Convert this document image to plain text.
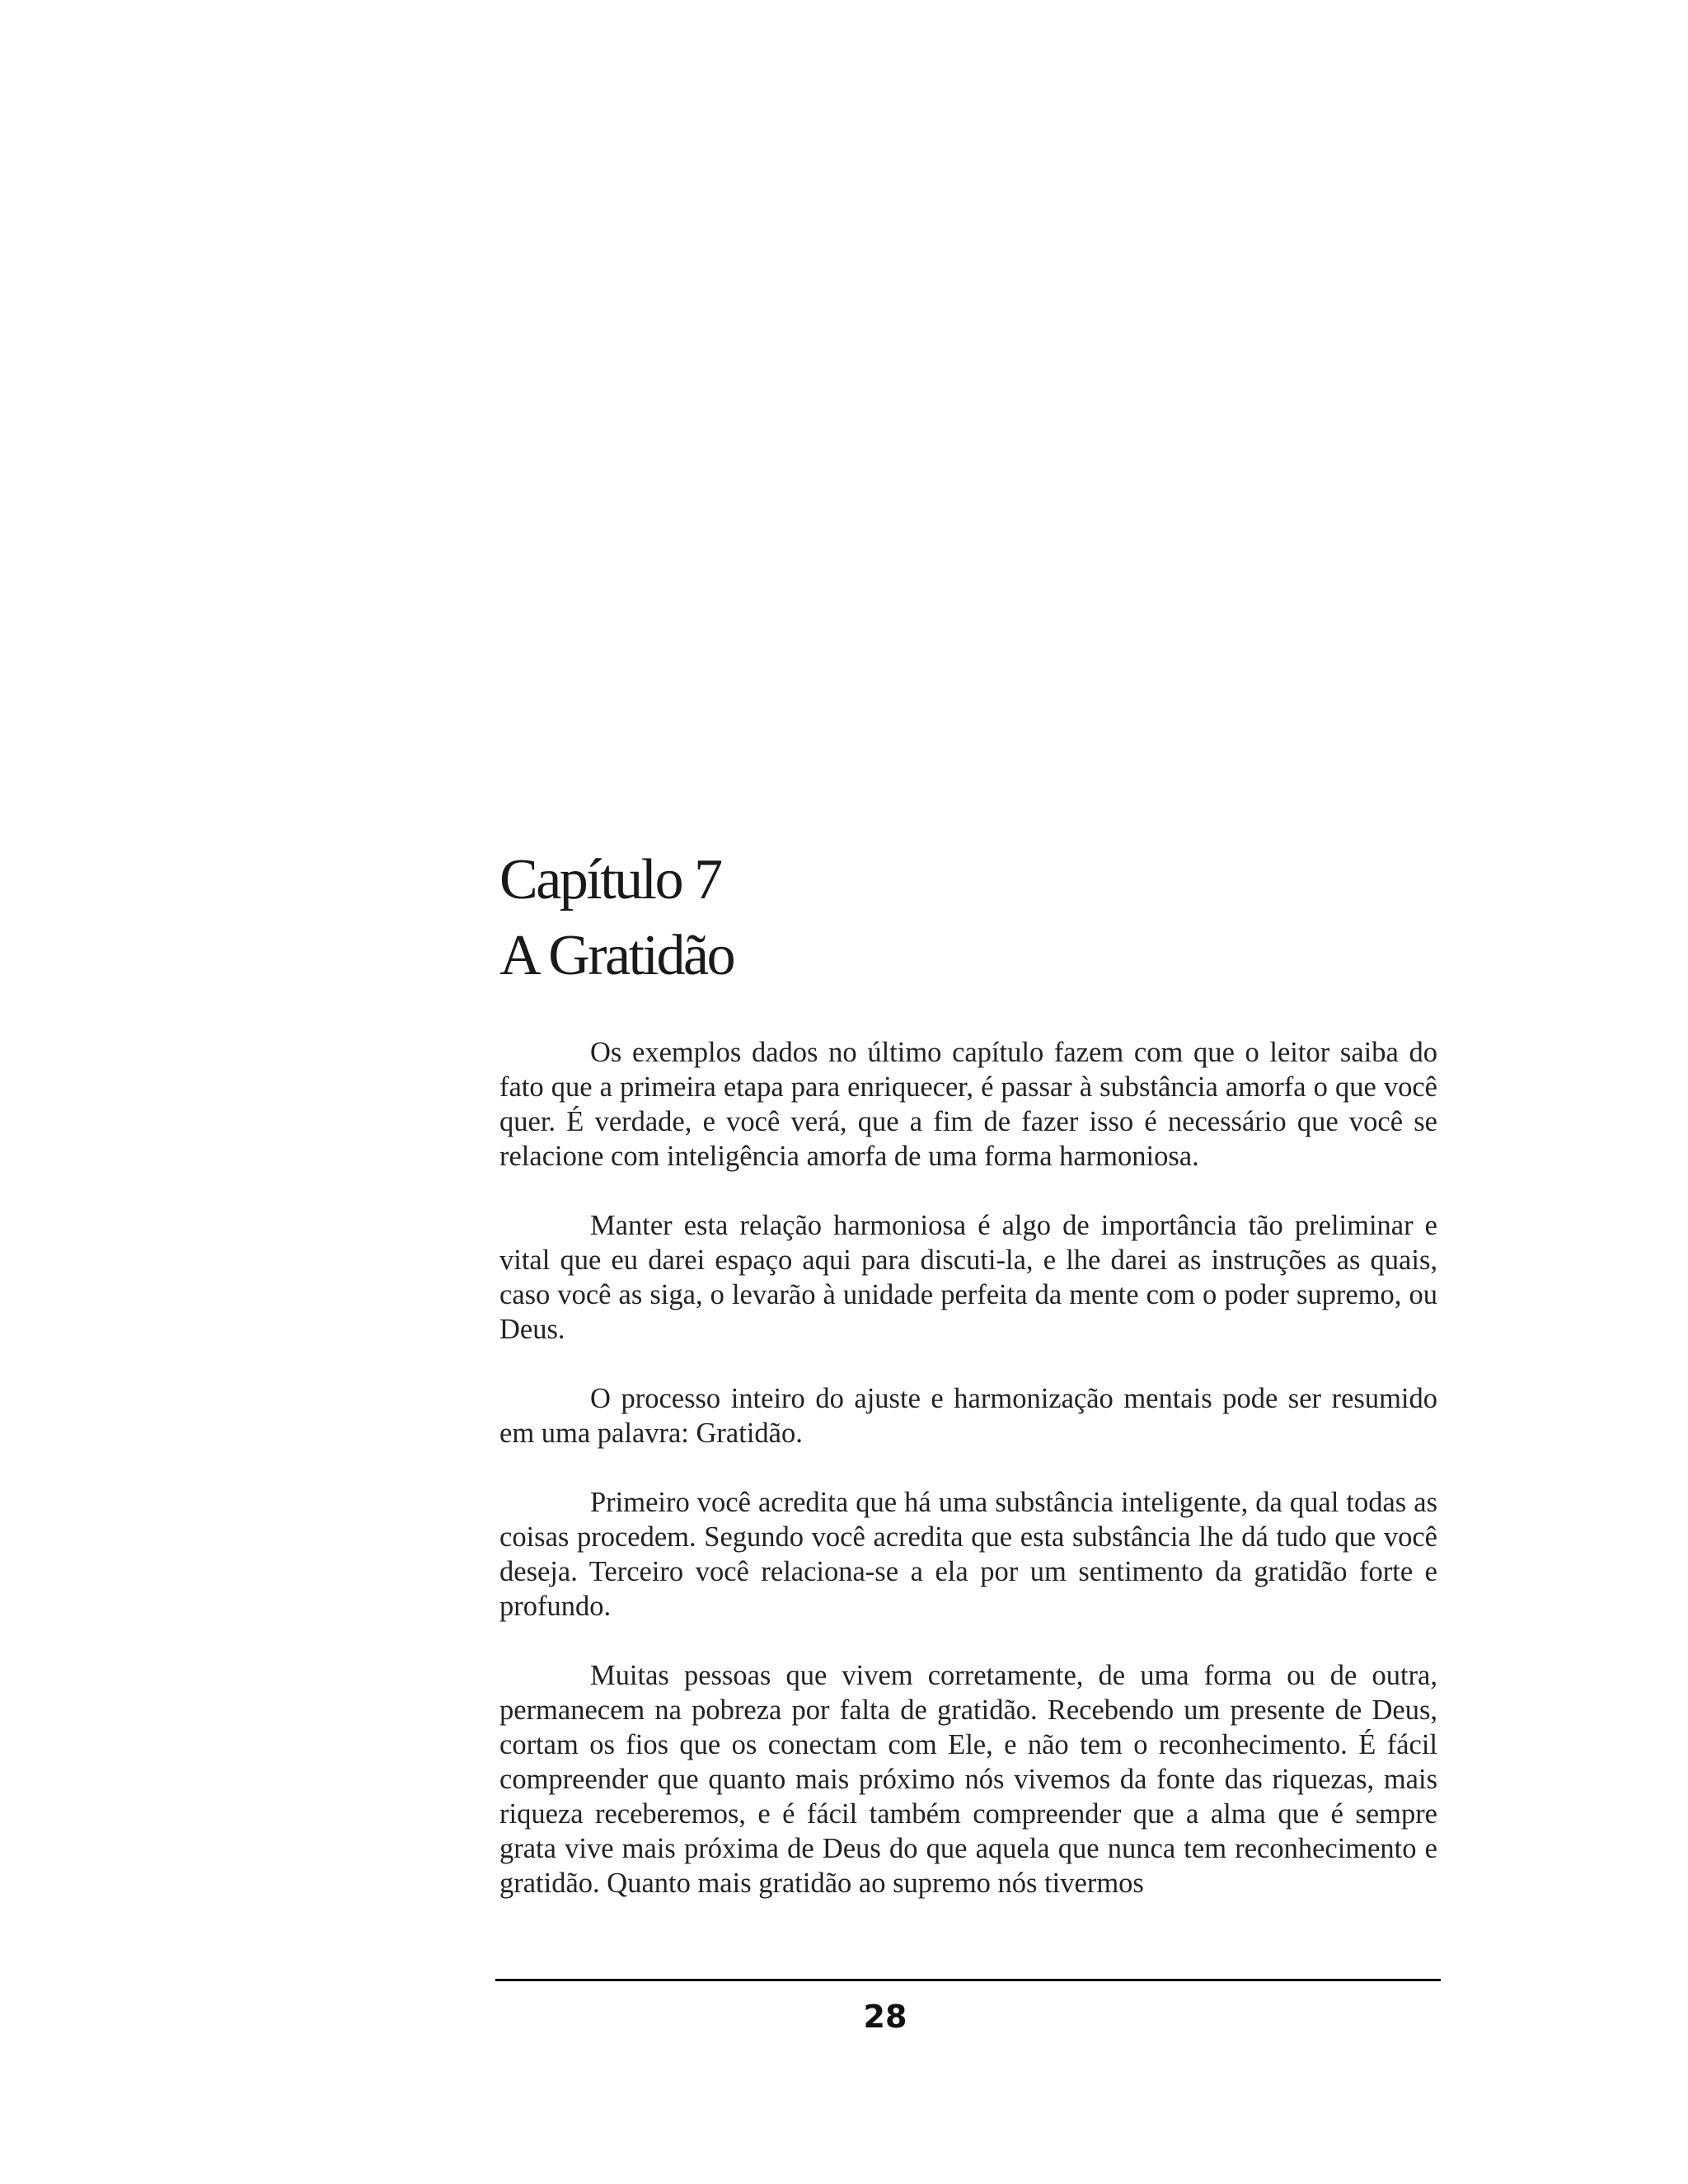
Capítulo 7
A Gratidão

Os exemplos dados no último capítulo fazem com que o leitor saiba do fato que a primeira etapa para enriquecer, é passar à substância amorfa o que você quer. É verdade, e você verá, que a fim de fazer isso é necessário que você se relacione com inteligência amorfa de uma forma harmoniosa.

Manter esta relação harmoniosa é algo de importância tão preliminar e vital que eu darei espaço aqui para discuti-la, e lhe darei as instruções as quais, caso você as siga, o levarão à unidade perfeita da mente com o poder supremo, ou Deus.

O processo inteiro do ajuste e harmonização mentais pode ser resumido em uma palavra: Gratidão.

Primeiro você acredita que há uma substância inteligente, da qual todas as coisas procedem. Segundo você acredita que esta substância lhe dá tudo que você deseja. Terceiro você relaciona-se a ela por um sentimento da gratidão forte e profundo.

Muitas pessoas que vivem corretamente, de uma forma ou de outra, permanecem na pobreza por falta de gratidão. Recebendo um presente de Deus, cortam os fios que os conectam com Ele, e não tem o reconhecimento. É fácil compreender que quanto mais próximo nós vivemos da fonte das riquezas, mais riqueza receberemos, e é fácil também compreender que a alma que é sempre grata vive mais próxima de Deus do que aquela que nunca tem reconhecimento e gratidão. Quanto mais gratidão ao supremo nós tivermos

28
